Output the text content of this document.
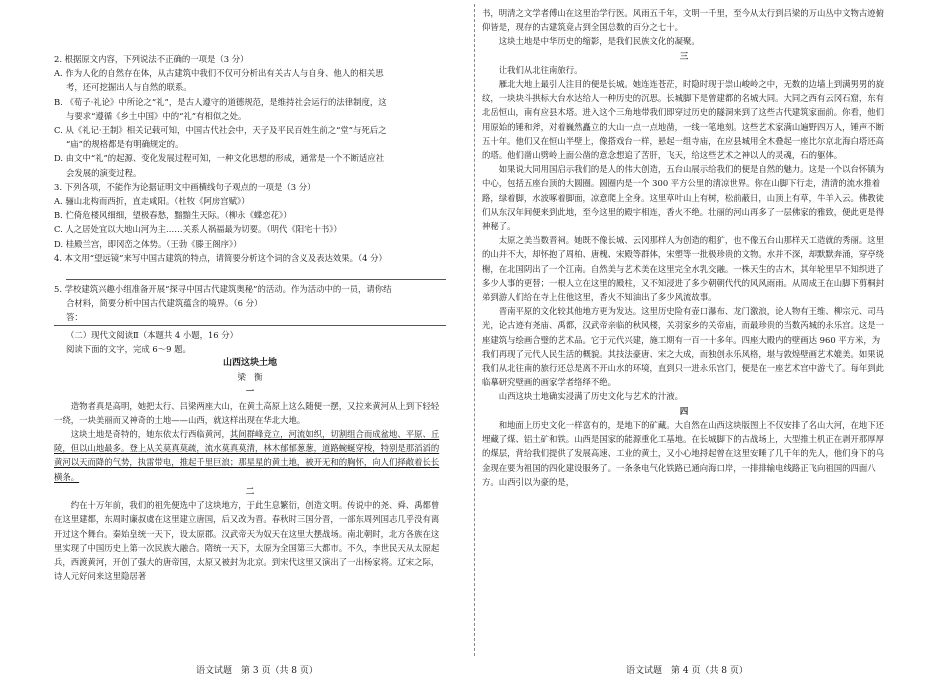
2. 根据原文内容，下列说法不正确的一项是（3 分）

A. 作为人化的自然存在体，从古建筑中我们不仅可分析出有关古人与自身、他人的相关思

考，还可挖掘出人与自然的联系。

B. 《荀子·礼论》中所论之“礼”，是古人遵守的道德规范，是维持社会运行的法律制度，这

与要求“遵循《乡土中国》中的“礼”有相似之处。

C. 从《礼记·王制》相关记载可知，中国古代社会中，天子及平民百姓生前之“堂”与死后之

“庙”的规格都是有明确规定的。

D. 由文中“礼”的起源、变化发展过程可知，一种文化思想的形成，通常是一个不断适应社

会发展的演变过程。

3. 下列各项，不能作为论据证明文中画横线句子观点的一项是（3 分）

A. 骊山北构而西折，直走咸阳。（杜牧《阿房宫赋》）

B. 伫倚危楼风细细，望极春愁，黯黯生天际。（柳永《蝶恋花》）

C. 人之居处宜以大地山河为主……关系人祸福最为切要。（明代《阳宅十书》）

D. 桂殿兰宫，即冈峦之体势。（王勃《滕王阁序》）

4. 本文用“望远镜”来写中国古建筑的特点，请简要分析这个词的含义及表达效果。（4 分）

5. 学校建筑兴趣小组准备开展“探寻中国古代建筑奥秘”的活动。作为活动中的一员，请你结

合材料，简要分析中国古代建筑蕴含的境界。（6 分）

答：

（二）现代文阅读Ⅱ（本题共 4 小题，16 分）

阅读下面的文字，完成 6～9 题。

山西这块土地

梁　衡

一

造物者真是高明，她把太行、吕梁两座大山，在黄土高原上这么随便一摆，又拉来黄河从上到下轻轻一绕，一块美丽而又神奇的土地——山西，就这样出现在华北大地。

这块土地是奇特的，她东依太行西临黄河，其间群峰竞立，河流如织，切割组合而成盆地、平原、丘陵，但以山地最多。登上从关莫真莫疏，流水莫真莫清，林木郁郁葱葱，道路蜿蜒穿梭，特别是那滔滔的黄河以天而降的气势，执雷带电，推起千里巨浪；那星星的黄土地，被开无和的胸怀，向人们择敞着长长横条。

二

约在十万年前，我们的祖先便选中了这块地方，于此生息繁衍，创造文明。传说中的尧、舜、禹都曾在这里建都，东周时廉叔虞在这里建立唐国，后又改为晋。春秋时三国分晋，一部东周列国志几乎没有离开过这个舞台。秦始皇统一天下，设太原郡。汉武帝天为奴天在这里大摆战场。南北朝时，北方各族在这里实现了中国历史上第一次民族大融合。隋统一天下，太原为全国第三大都市。不久，李世民天从太原起兵，西渡黄河，开创了强大的唐帝国，太原又被封为北京。到宋代这里又演出了一出杨家将。辽宋之际，诗人元好问来这里隐居著

书，明清之文学者傅山在这里治学行医。风雨五千年，文明一千里，至今从太行到吕梁的万山丛中文物古迹俯仰皆是，现存的古建筑竟占到全国总数的百分之七十。

这块土地是中华历史的缩影，是我们民族文化的凝聚。

三

让我们从北往南旅行。

雁北大地上最引人注目的便是长城。她连连苍茫，时隐时现于崇山峻岭之中，无数的边墙上到满男男的旋纹，一块块斗拱标大台水达给人一种历史的沉思。长城脚下是曾建都的名城大同。大同之西有云冈石窟，东有北岳恒山，南有应县木塔。进入这个三角地带我们即穿过历史的隧洞来到了这些古代建筑家面前。你看，他们用原始的锤和斧，对着巍然矗立的大山一点一点地凿，一线一笔地刻。这些艺术家满山遍野四万人，锤声不断五十年。他们又在恒山半壁上，像搭戏台一样，悬起一组寺庙，在应县城用全木叠起一座比尔京北海白塔还高的塔。他们凿山劈岭上面公凿的意念想追了苦肝，飞天，给这些艺术之神以人的灵魂，石的躯体。

如果说大同用国启示我们的是人的伟大创造，五台山展示给我们的便是自然的魅力。这是一个以台怀镇为中心，包括五座台顶的大圆圈。圆圈内是一个 300 平方公里的清凉世界。你在山脚下行走，清清的流水推着路，绿着脚，水波啄着脚面，凉意爬上全身。这里草叶山上有树，松前蔽日，山顶上有草，牛羊入云。佛教徒们从东汉年间便来到此地，至今这里的殿宇相连，香火不绝。壮丽的河山再多了一层佛家的雅致，便此更是得神秘了。

太原之美当数晋祠。她既不像长城、云冈那样人为创造的粗犷，也不像五台山那样天工造就的秀丽。这里的山并不大，却怀抱了周柏、唐槐、宋殿等群体，宋塑等一批极珍贵的文物。水并不深，却默默奔涌，穿亭绕榭，在北国阴出了一个江南。自然美与艺术美在这里完全水乳交融。一株天生的古木，其年轮里早不知织进了多少人事的更替；一根人立在这里的殿柱，又不知浸进了多少朝朝代代的风风雨雨。从周成王在山脚下剪桐封弟到游人们给在寺上住他这里，香火不知油出了多少风流故事。

晋南平原的文化较其他地方更为发达。这里历史险有壶口瀑布、龙门激浪，论人物有王维、柳宗元、司马光，论古迹有尧庙、禹都，汉武帝亲临的秋风楼，关羽家乡的关帝庙，而最珍贵的当数芮城的永乐宫。这是一座建筑与绘画合璧的艺术品。它于元代兴建，施工期有一百一十多年。四座大殿内的壁画达 960 平方米，为我们再现了元代人民生活的概貌。其技法豪唐、宋之大成，而独创永乐风格，堪与敦煌壁画艺术媲美。如果说我们从北往南的旅行还总是离不开山水的环境，直到只一进永乐宫门，便是在一座艺术宫中游弋了。每年到此临摹研究壁画的画家学者络绎不绝。

山西这块土地确实浸满了历史文化与艺术的汁液。

四

和地面上历史文化一样富有的，是地下的矿藏。大自然在山西这块版图上不仅安排了名山大河，在地下还埋藏了煤、铝土矿和铁。山西是国家的能源重化工基地。在长城脚下的古战场上，大型推土机正在剥开那厚厚的煤层，背给我们提供了发展高速、工业的黄土，又小心地捋起曾在这里安睡了几千年的先人，他们身下的乌金现在要为祖国的四化建设服务了。一条条电气化铁路已通向海口岸，一排排输电线路正飞向祖国的四面八方。山西引以为豪的是，

语文试题　第 3 页（共 8 页）	语文试题　第 4 页（共 8 页）
